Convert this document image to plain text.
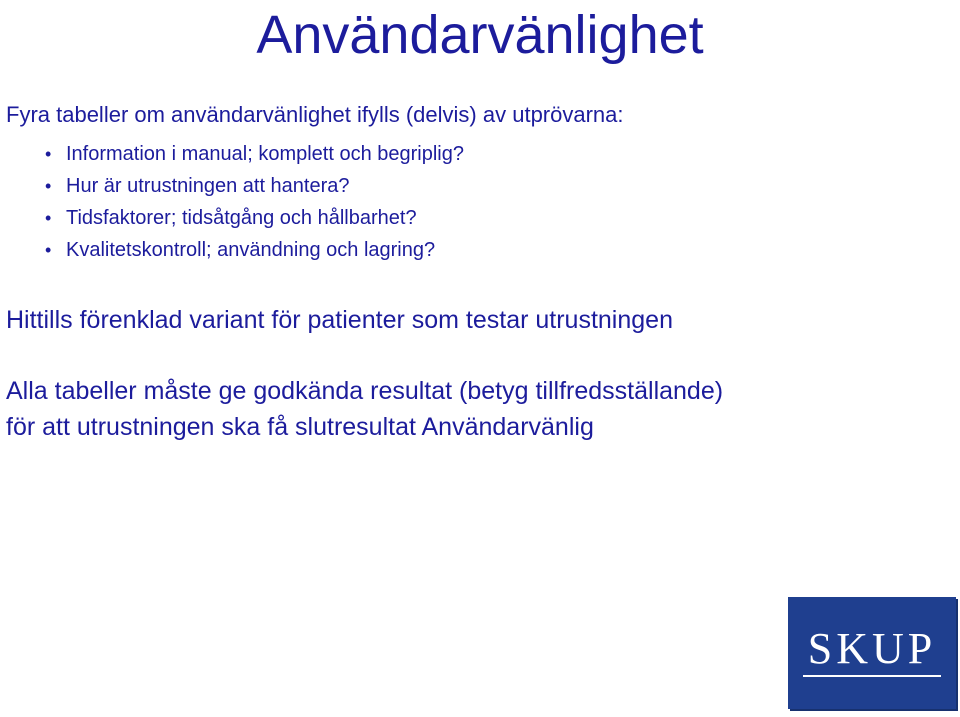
Användarvänlighet
Fyra tabeller om användarvänlighet ifylls (delvis) av utprövarna:
• Information i manual; komplett och begriplig?
• Hur är utrustningen att hantera?
• Tidsfaktorer; tidsåtgång och hållbarhet?
• Kvalitetskontroll; användning och lagring?
Hittills förenklad variant för patienter som testar utrustningen
Alla tabeller måste ge godkända resultat (betyg tillfredsställande)
för att utrustningen ska få slutresultat Användarvänlig
SKUP
